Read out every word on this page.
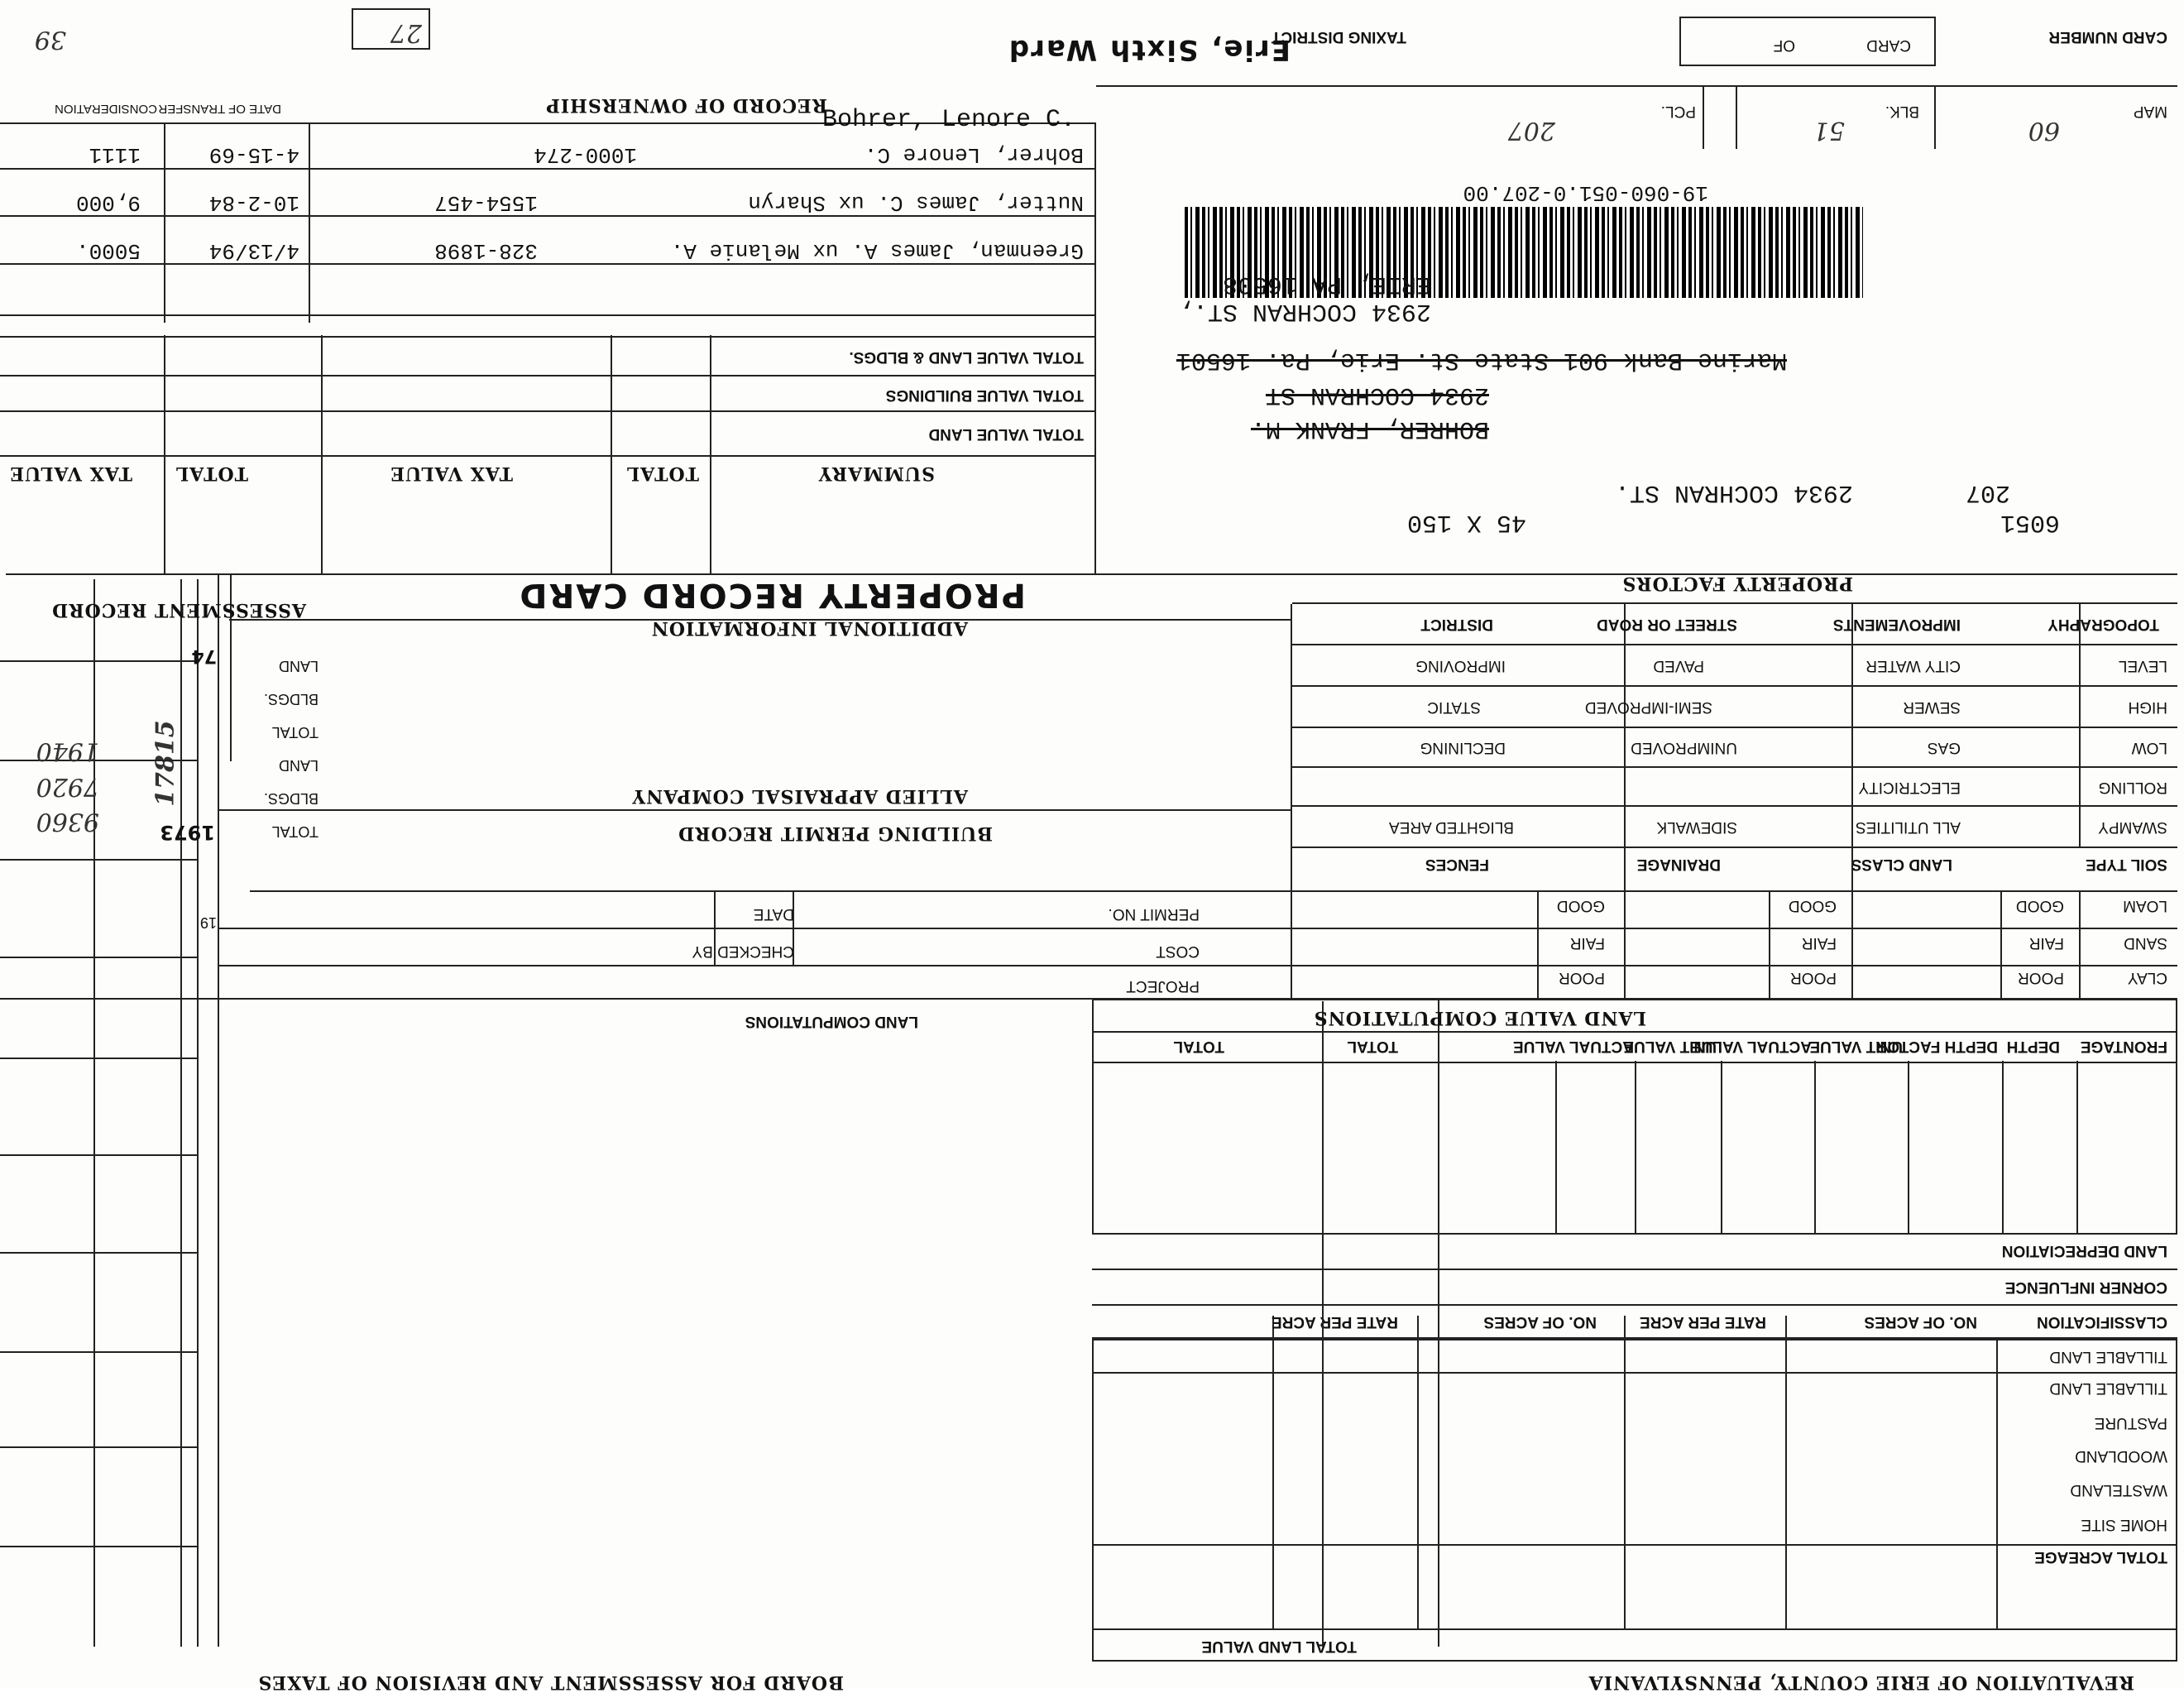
REVALUATION OF ERIE COUNTY, PENNSYLVANIA
BOARD FOR ASSESSMENT AND REVISION OF TAXES
TOTAL LAND VALUE
TOTAL ACREAGE
HOME SITE
WASTELAND
WOODLAND
PASTURE
TILLABLE LAND
TILLABLE LAND
CLASSIFICATION
NO. OF ACRES
RATE PER ACRE
NO. OF ACRES
RATE PER ACRE
19-060-051.0-207.00
CORNER INFLUENCE
LAND DEPRECIATION
FRONTAGE
DEPTH
DEPTH FACTOR
UNIT VALUE
ACTUAL VALUE
UNIT VALUE
ACTUAL VALUE
TOTAL
TOTAL
LAND VALUE COMPUTATIONS
LAND COMPUTATIONS
CLAY
SAND
LOAM
POOR
POOR
POOR
FAIR
FAIR
FAIR
GOOD
GOOD
GOOD
SOIL TYPE
LAND CLASS
DRAINAGE
FENCES
SWAMPY
ROLLING
LOW
HIGH
LEVEL
ALL UTILITIES
ELECTRICITY
GAS
SEWER
CITY WATER
SIDEWALK
UNIMPROVED
SEMI-IMPROVED
PAVED
BLIGHTED AREA
DECLINING
STATIC
IMPROVING
TOPOGRAPHY
IMPROVEMENTS
STREET OR ROAD
DISTRICT
PROPERTY FACTORS
BUILDING PERMIT RECORD
PERMIT NO.
COST
PROJECT
CHECKED BY
DATE
ALLIED APPRAISAL COMPANY
ADDITIONAL INFORMATION
PROPERTY RECORD CARD
17815
ASSESSMENT RECORD
LAND
BLDGS.
TOTAL
LAND
BLDGS.
TOTAL
74
1973
9360
7920
1940
19
2934 COCHRAN ST.,
ERIE, PA 16508
Marine Bank 901 State St. Erie, Pa. 16501
2934 COCHRAN ST
BOHRER, FRANK M.
207
2934 COCHRAN ST.
6051
45 X 150
TOTAL VALUE LAND & BLDGS.
TOTAL VALUE BUILDINGS
TOTAL VALUE LAND
SUMMARY
TOTAL
TAX VALUE
TOTAL
TAX VALUE
Bohrer, Lenore C.
Greenman, James A. ux Melanie A.
Nutter, James C. ux Sharyn
Bohrer, Lenore C.
328-1898
1554-457
1000-274
4/13/94
10-2-84
4-15-69
5000.
9,000
1111
RECORD OF OWNERSHIP
DATE OF TRANSFER
CONSIDERATION	BLK.	MAP
PCL.
60
51
207
CARD NUMBER
CARD
OF
TAXING DISTRICT
Erie, Sixth Ward
27
39
